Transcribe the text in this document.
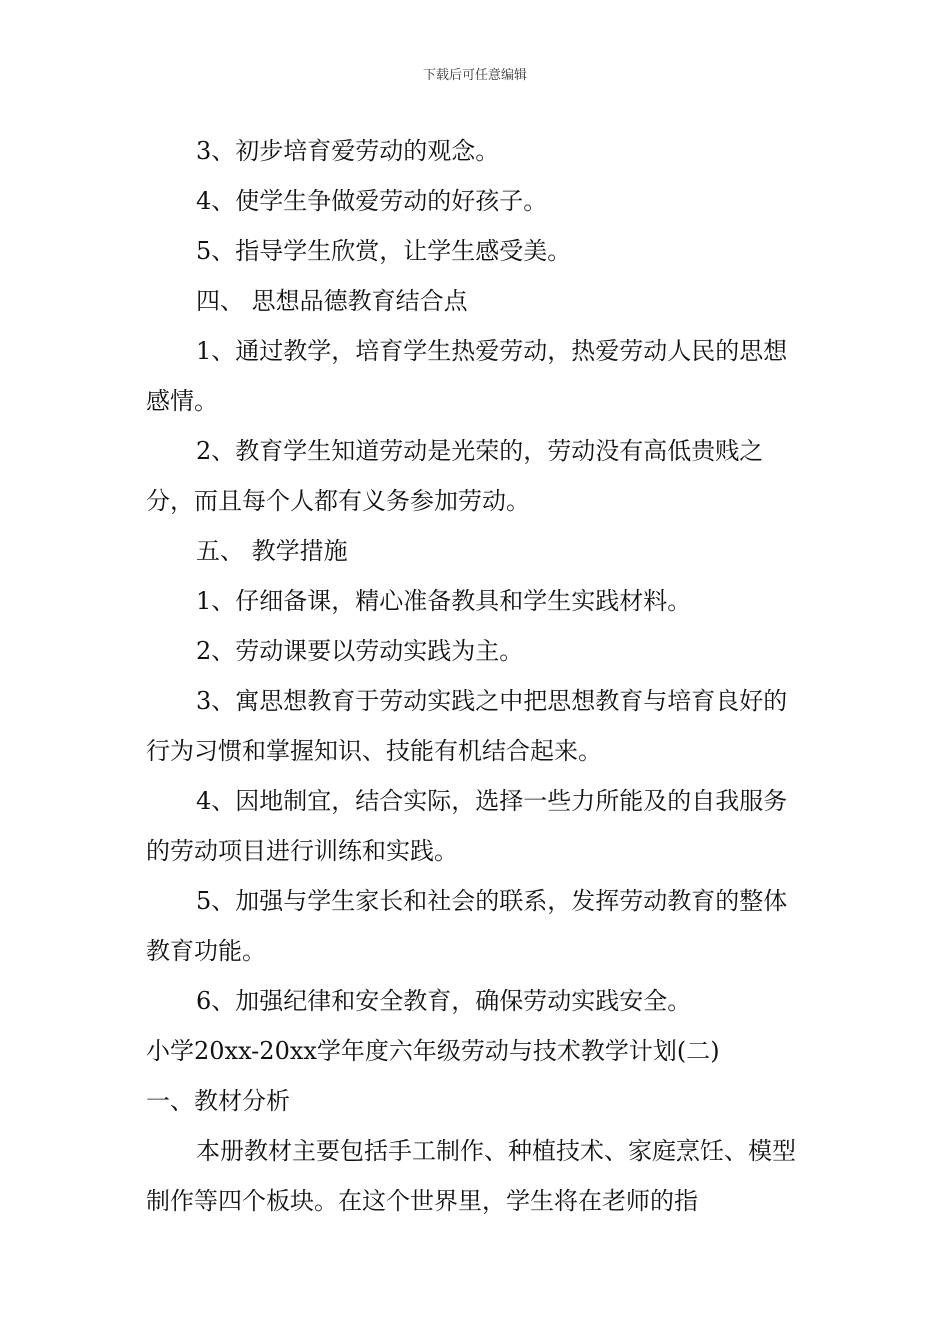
下载后可任意编辑

3、初步培育爱劳动的观念。

4、使学生争做爱劳动的好孩子。

5、指导学生欣赏，让学生感受美。

四、 思想品德教育结合点

1、通过教学，培育学生热爱劳动，热爱劳动人民的思想感情。

2、教育学生知道劳动是光荣的，劳动没有高低贵贱之分，而且每个人都有义务参加劳动。

五、 教学措施

1、仔细备课，精心准备教具和学生实践材料。

2、劳动课要以劳动实践为主。

3、寓思想教育于劳动实践之中把思想教育与培育良好的行为习惯和掌握知识、技能有机结合起来。

4、因地制宜，结合实际，选择一些力所能及的自我服务的劳动项目进行训练和实践。

5、加强与学生家长和社会的联系，发挥劳动教育的整体教育功能。

6、加强纪律和安全教育，确保劳动实践安全。

小学20xx-20xx学年度六年级劳动与技术教学计划(二)

一、教材分析

本册教材主要包括手工制作、种植技术、家庭烹饪、模型制作等四个板块。在这个世界里，学生将在老师的指
